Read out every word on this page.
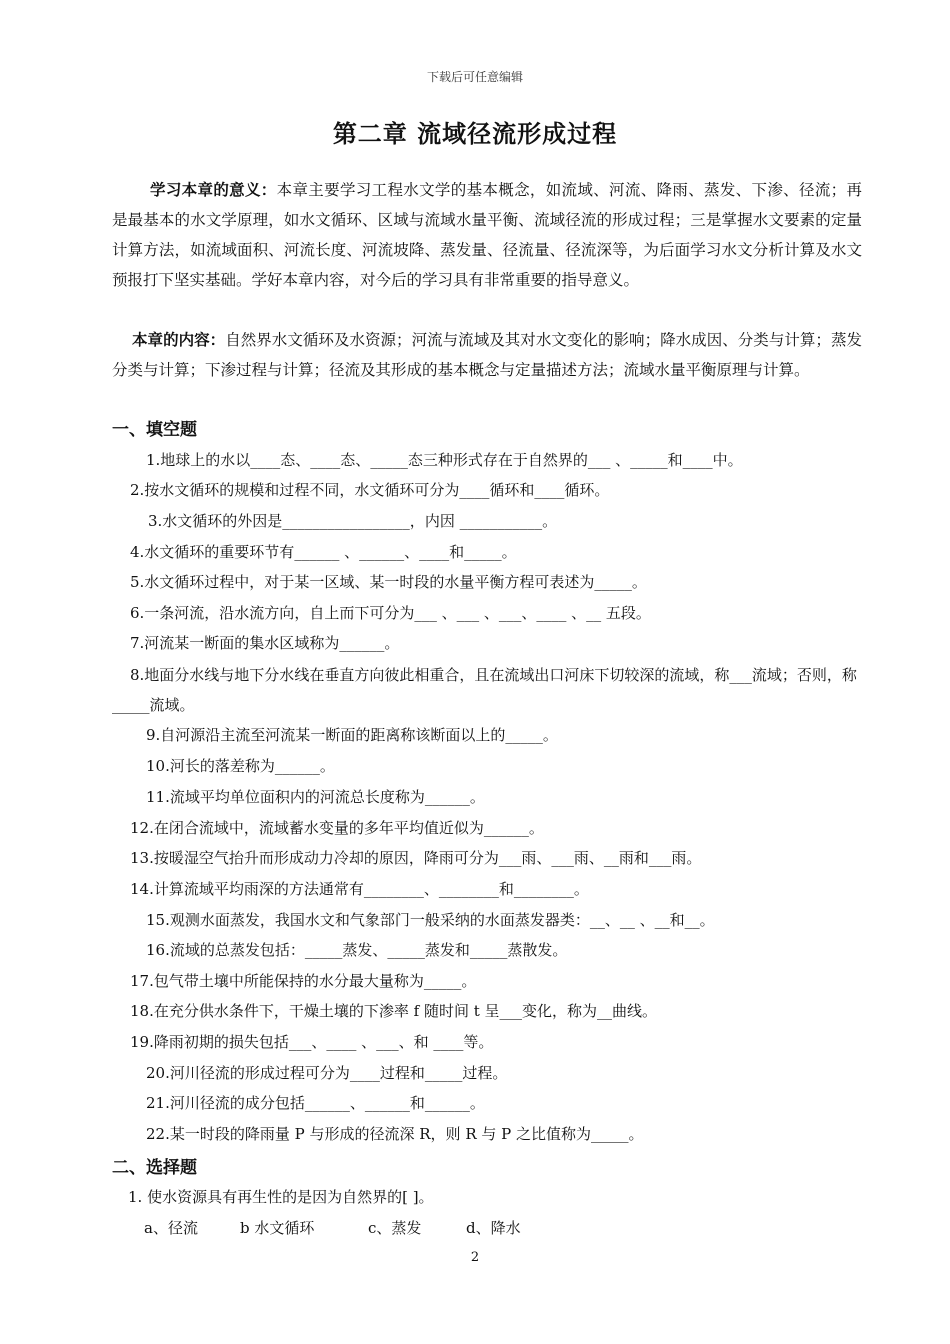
下载后可任意编辑
第二章 流域径流形成过程
学习本章的意义：本章主要学习工程水文学的基本概念，如流域、河流、降雨、蒸发、下渗、径流；再是最基本的水文学原理，如水文循环、区域与流域水量平衡、流域径流的形成过程；三是掌握水文要素的定量计算方法，如流域面积、河流长度、河流坡降、蒸发量、径流量、径流深等，为后面学习水文分析计算及水文预报打下坚实基础。学好本章内容，对今后的学习具有非常重要的指导意义。
本章的内容：自然界水文循环及水资源；河流与流域及其对水文变化的影响；降水成因、分类与计算；蒸发分类与计算；下渗过程与计算；径流及其形成的基本概念与定量描述方法；流域水量平衡原理与计算。
一、填空题
1.地球上的水以____态、____态、_____态三种形式存在于自然界的___ 、_____和____中。
2.按水文循环的规模和过程不同，水文循环可分为____循环和____循环。
3.水文循环的外因是_________________，内因 ___________。
4.水文循环的重要环节有______ 、______、____和_____。
5.水文循环过程中，对于某一区域、某一时段的水量平衡方程可表述为_____。
6.一条河流，沿水流方向，自上而下可分为___ 、___ 、___、____ 、__ 五段。
7.河流某一断面的集水区域称为______。
8.地面分水线与地下分水线在垂直方向彼此相重合，且在流域出口河床下切较深的流域，称___流域；否则，称_____流域。
9.自河源沿主流至河流某一断面的距离称该断面以上的_____。
10.河长的落差称为______。
11.流域平均单位面积内的河流总长度称为______。
12.在闭合流域中，流域蓄水变量的多年平均值近似为______。
13.按暖湿空气抬升而形成动力冷却的原因，降雨可分为___雨、___雨、__雨和___雨。
14.计算流域平均雨深的方法通常有________、________和________。
15.观测水面蒸发，我国水文和气象部门一般采纳的水面蒸发器类：__、__ 、__和__。
16.流域的总蒸发包括：_____蒸发、_____蒸发和_____蒸散发。
17.包气带土壤中所能保持的水分最大量称为_____。
18.在充分供水条件下，干燥土壤的下渗率 f 随时间 t 呈___变化，称为__曲线。
19.降雨初期的损失包括___、____ 、___、和 ____等。
20.河川径流的形成过程可分为____过程和_____过程。
21.河川径流的成分包括______、______和______。
22.某一时段的降雨量 P 与形成的径流深 R，则 R 与 P 之比值称为_____。
二、选择题
1. 使水资源具有再生性的是因为自然界的[ ]。
a、径流	b 水文循环	c、蒸发	d、降水
2
